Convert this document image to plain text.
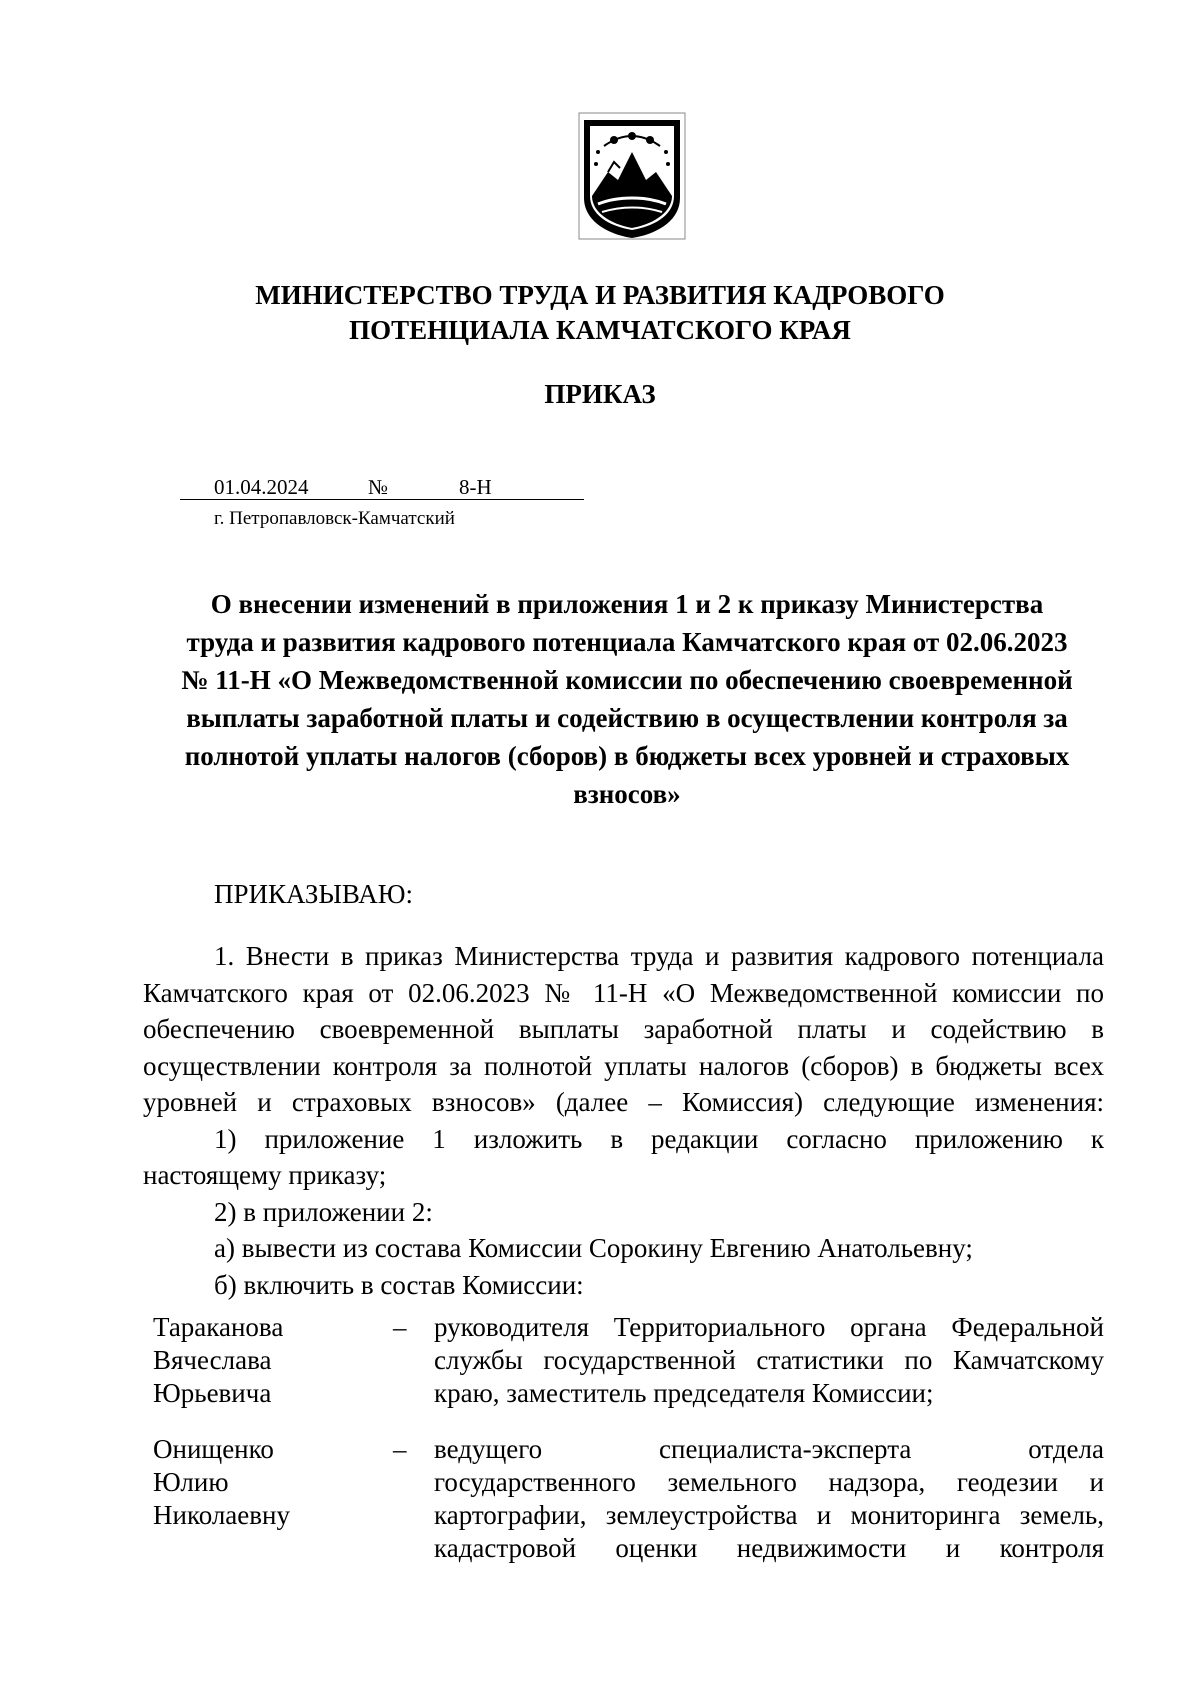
МИНИСТЕРСТВО ТРУДА И РАЗВИТИЯ КАДРОВОГО
ПОТЕНЦИАЛА КАМЧАТСКОГО КРАЯ
ПРИКАЗ
01.04.2024	№	8-Н
г. Петропавловск-Камчатский
О внесении изменений в приложения 1 и 2 к приказу Министерства
труда и развития кадрового потенциала Камчатского края от 02.06.2023
№ 11-Н «О Межведомственной комиссии по обеспечению своевременной
выплаты заработной платы и содействию в осуществлении контроля за
полнотой уплаты налогов (сборов) в бюджеты всех уровней и страховых
взносов»
ПРИКАЗЫВАЮ:
1. Внести в приказ Министерства труда и развития кадрового потенциала
Камчатского края от 02.06.2023 № 11-Н «О Межведомственной комиссии по
обеспечению своевременной выплаты заработной платы и содействию в
осуществлении контроля за полнотой уплаты налогов (сборов) в бюджеты всех
уровней и страховых взносов» (далее – Комиссия) следующие изменения:
1) приложение 1 изложить в редакции согласно приложению к
настоящему приказу;
2) в приложении 2:
а) вывести из состава Комиссии Сорокину Евгению Анатольевну;
б) включить в состав Комиссии:
Тараканова
Вячеслава
Юрьевича
– руководителя Территориального органа Федеральной
службы государственной статистики по Камчатскому
краю, заместитель председателя Комиссии;
Онищенко
Юлию
Николаевну
– ведущего специалиста-эксперта отдела
государственного земельного надзора, геодезии и
картографии, землеустройства и мониторинга земель,
кадастровой оценки недвижимости и контроля
